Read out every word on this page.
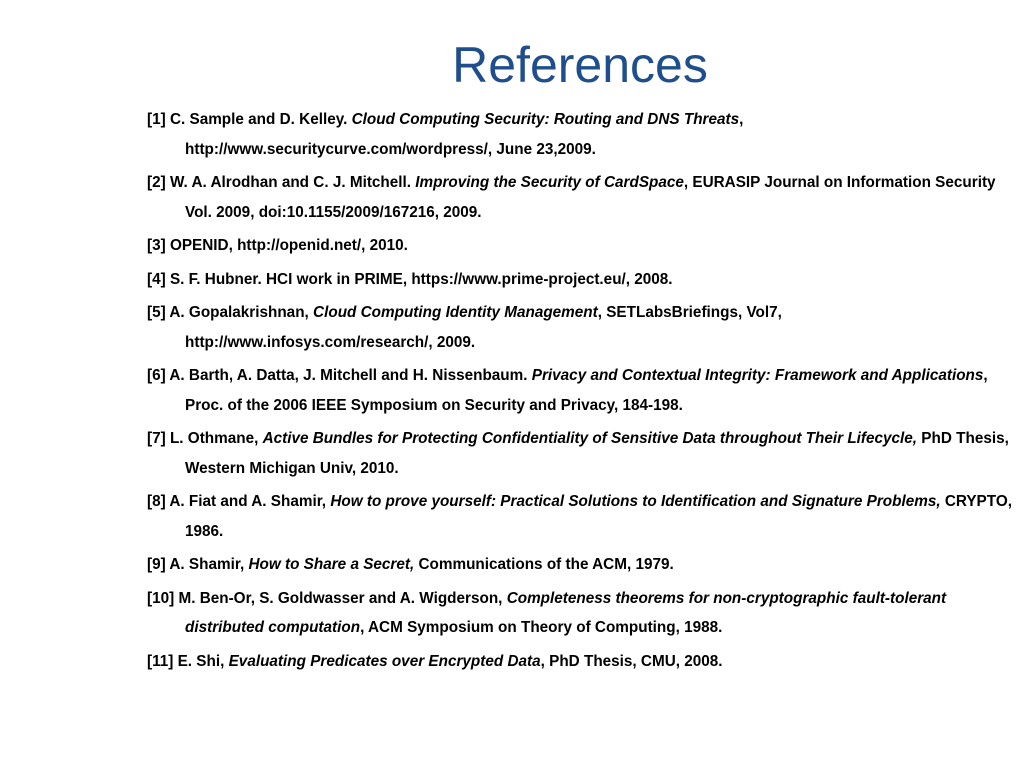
References
[1] C. Sample and D. Kelley. Cloud Computing Security: Routing and DNS Threats, http://www.securitycurve.com/wordpress/, June 23,2009.
[2] W. A. Alrodhan and C. J. Mitchell. Improving the Security of CardSpace, EURASIP Journal on Information Security Vol. 2009, doi:10.1155/2009/167216, 2009.
[3] OPENID, http://openid.net/, 2010.
[4] S. F. Hubner. HCI work in PRIME, https://www.prime-project.eu/, 2008.
[5] A. Gopalakrishnan, Cloud Computing Identity Management, SETLabsBriefings, Vol7, http://www.infosys.com/research/, 2009.
[6] A. Barth, A. Datta, J. Mitchell and H. Nissenbaum. Privacy and Contextual Integrity: Framework and Applications, Proc. of the 2006 IEEE Symposium on Security and Privacy, 184-198.
[7] L. Othmane, Active Bundles for Protecting Confidentiality of Sensitive Data throughout Their Lifecycle, PhD Thesis, Western Michigan Univ, 2010.
[8] A. Fiat and A. Shamir, How to prove yourself: Practical Solutions to Identification and Signature Problems, CRYPTO, 1986.
[9] A. Shamir, How to Share a Secret, Communications of the ACM, 1979.
[10] M. Ben-Or, S. Goldwasser and A. Wigderson, Completeness theorems for non-cryptographic fault-tolerant distributed computation, ACM Symposium on Theory of Computing, 1988.
[11] E. Shi, Evaluating Predicates over Encrypted Data, PhD Thesis, CMU, 2008.
